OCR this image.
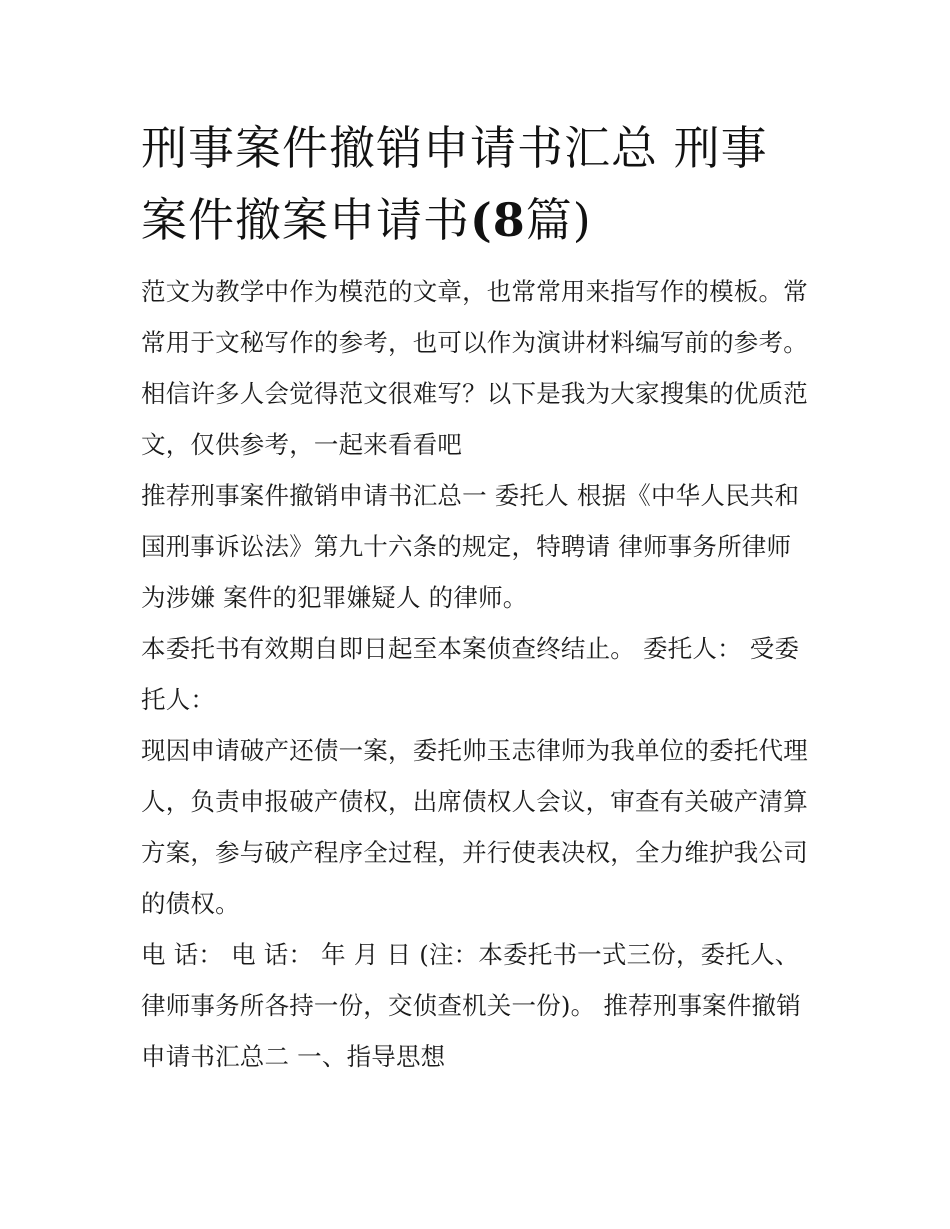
刑事案件撤销申请书汇总 刑事案件撤案申请书(8篇)

范文为教学中作为模范的文章，也常常用来指写作的模板。常常用于文秘写作的参考，也可以作为演讲材料编写前的参考。相信许多人会觉得范文很难写？以下是我为大家搜集的优质范文，仅供参考，一起来看看吧

推荐刑事案件撤销申请书汇总一 委托人 根据《中华人民共和国刑事诉讼法》第九十六条的规定，特聘请 律师事务所律师 为涉嫌 案件的犯罪嫌疑人 的律师。

本委托书有效期自即日起至本案侦查终结止。 委托人： 受委托人：

现因申请破产还债一案，委托帅玉志律师为我单位的委托代理人，负责申报破产债权，出席债权人会议，审查有关破产清算方案，参与破产程序全过程，并行使表决权，全力维护我公司的债权。

电 话： 电 话： 年 月 日 (注：本委托书一式三份，委托人、律师事务所各持一份，交侦查机关一份)。 推荐刑事案件撤销申请书汇总二 一、指导思想
